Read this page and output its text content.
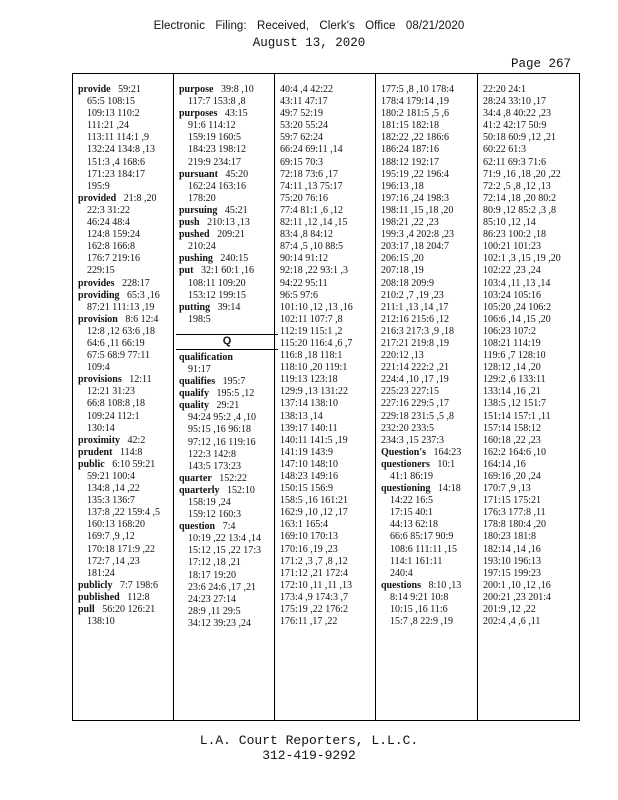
Electronic Filing: Received, Clerk's Office 08/21/2020
August 13, 2020
Page 267
provide 59:21
65:5 108:15
109:13 110:2
111:21 ,24
113:11 114:1 ,9
132:24 134:8 ,13
151:3 ,4 168:6
171:23 184:17
195:9
provided 21:8 ,20
22:3 31:22
46:24 48:4
124:8 159:24
162:8 166:8
176:7 219:16
229:15
provides 228:17
providing 65:3 ,16
87:21 111:13 ,19
provision 8:6 12:4
12:8 ,12 63:6 ,18
64:6 ,11 66:19
67:5 68:9 77:11
109:4
provisions 12:11
12:21 31:23
66:8 108:8 ,18
109:24 112:1
130:14
proximity 42:2
prudent 114:8
public 6:10 59:21
59:21 100:4
134:8 ,14 ,22
135:3 136:7
137:8 ,22 159:4 ,5
160:13 168:20
169:7 ,9 ,12
170:18 171:9 ,22
172:7 ,14 ,23
181:24
publicly 7:7 198:6
published 112:8
pull 56:20 126:21
138:10
purpose 39:8 ,10
117:7 153:8 ,8
purposes 43:15
91:6 114:12
159:19 160:5
184:23 198:12
219:9 234:17
pursuant 45:20
162:24 163:16
178:20
pursuing 45:21
push 210:13 ,13
pushed 209:21
210:24
pushing 240:15
put 32:1 60:1 ,16
108:11 109:20
153:12 199:15
putting 39:14
198:5
Q
qualification
91:17
qualifies 195:7
qualify 195:5 ,12
quality 29:21
94:24 95:2 ,4 ,10
95:15 ,16 96:18
97:12 ,16 119:16
122:3 142:8
143:5 173:23
quarter 152:22
quarterly 152:10
158:19 ,24
159:12 160:3
question 7:4
10:19 ,22 13:4 ,14
15:12 ,15 ,22 17:3
17:12 ,18 ,21
18:17 19:20
23:6 24:6 ,17 ,21
24:23 27:14
28:9 ,11 29:5
34:12 39:23 ,24
40:4 ,4 42:22
43:11 47:17
49:7 52:19
53:20 55:24
59:7 62:24
66:24 69:11 ,14
69:15 70:3
72:18 73:6 ,17
74:11 ,13 75:17
75:20 76:16
77:4 81:1 ,6 ,12
82:11 ,12 ,14 ,15
83:4 ,8 84:12
87:4 ,5 ,10 88:5
90:14 91:12
92:18 ,22 93:1 ,3
94:22 95:11
96:5 97:6
101:10 ,12 ,13 ,16
102:11 107:7 ,8
112:19 115:1 ,2
115:20 116:4 ,6 ,7
116:8 ,18 118:1
118:10 ,20 119:1
119:13 123:18
129:9 ,13 131:22
137:14 138:10
138:13 ,14
139:17 140:11
140:11 141:5 ,19
141:19 143:9
147:10 148:10
148:23 149:16
150:15 156:9
158:5 ,16 161:21
162:9 ,10 ,12 ,17
163:1 165:4
169:10 170:13
170:16 ,19 ,23
171:2 ,3 ,7 ,8 ,12
171:12 ,21 172:4
172:10 ,11 ,11 ,13
173:4 ,9 174:3 ,7
175:19 ,22 176:2
176:11 ,17 ,22
177:5 ,8 ,10 178:4
178:4 179:14 ,19
180:2 181:5 ,5 ,6
181:15 182:18
182:22 ,22 186:6
186:24 187:16
188:12 192:17
195:19 ,22 196:4
196:13 ,18
197:16 ,24 198:3
198:11 ,15 ,18 ,20
198:21 ,22 ,23
199:3 ,4 202:8 ,23
203:17 ,18 204:7
206:15 ,20
207:18 ,19
208:18 209:9
210:2 ,7 ,19 ,23
211:1 ,13 ,14 ,17
212:16 215:6 ,12
216:3 217:3 ,9 ,18
217:21 219:8 ,19
220:12 ,13
221:14 222:2 ,21
224:4 ,10 ,17 ,19
225:23 227:15
227:16 229:5 ,17
229:18 231:5 ,5 ,8
232:20 233:5
234:3 ,15 237:3
Question's 164:23
questioners 10:1
41:1 86:19
questioning 14:18
14:22 16:5
17:15 40:1
44:13 62:18
66:6 85:17 90:9
108:6 111:11 ,15
114:1 161:11
240:4
questions 8:10 ,13
8:14 9:21 10:8
10:15 ,16 11:6
15:7 ,8 22:9 ,19
22:20 24:1
28:24 33:10 ,17
34:4 ,8 40:22 ,23
41:2 42:17 50:9
50:18 60:9 ,12 ,21
60:22 61:3
62:11 69:3 71:6
71:9 ,16 ,18 ,20 ,22
72:2 ,5 ,8 ,12 ,13
72:14 ,18 ,20 80:2
80:9 ,12 85:2 ,3 ,8
85:10 ,12 ,14
86:23 100:2 ,18
100:21 101:23
102:1 ,3 ,15 ,19 ,20
102:22 ,23 ,24
103:4 ,11 ,13 ,14
103:24 105:16
105:20 ,24 106:2
106:6 ,14 ,15 ,20
106:23 107:2
108:21 114:19
119:6 ,7 128:10
128:12 ,14 ,20
129:2 ,6 133:11
133:14 ,16 ,21
138:5 ,12 151:7
151:14 157:1 ,11
157:14 158:12
160:18 ,22 ,23
162:2 164:6 ,10
164:14 ,16
169:16 ,20 ,24
170:7 ,9 ,13
171:15 175:21
176:3 177:8 ,11
178:8 180:4 ,20
180:23 181:8
182:14 ,14 ,16
193:10 196:13
197:15 199:23
200:1 ,10 ,12 ,16
200:21 ,23 201:4
201:9 ,12 ,22
202:4 ,4 ,6 ,11
L.A. Court Reporters, L.L.C.
312-419-9292
